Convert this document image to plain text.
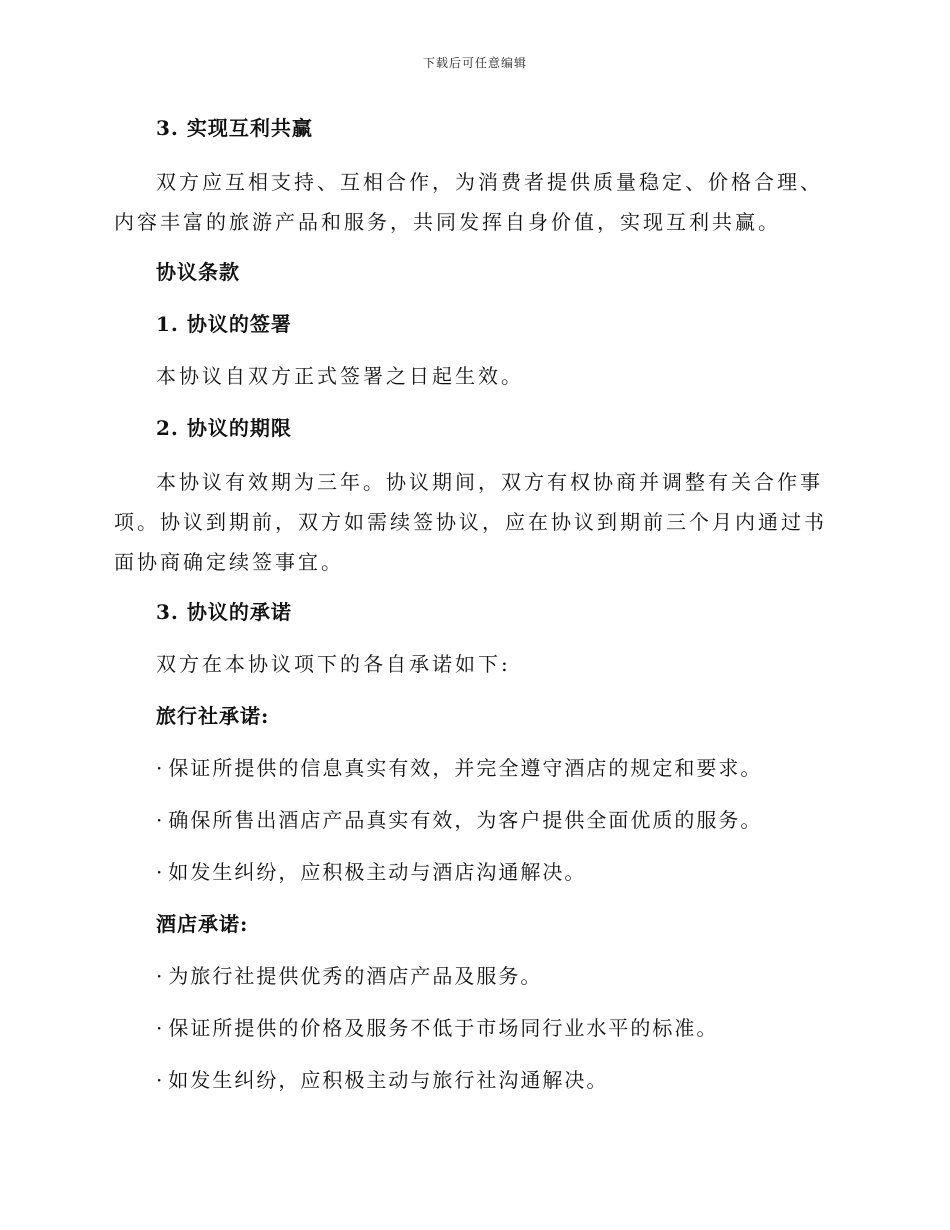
下载后可任意编辑
3. 实现互利共赢
双方应互相支持、互相合作，为消费者提供质量稳定、价格合理、内容丰富的旅游产品和服务，共同发挥自身价值，实现互利共赢。
协议条款
1. 协议的签署
本协议自双方正式签署之日起生效。
2. 协议的期限
本协议有效期为三年。协议期间，双方有权协商并调整有关合作事项。协议到期前，双方如需续签协议，应在协议到期前三个月内通过书面协商确定续签事宜。
3. 协议的承诺
双方在本协议项下的各自承诺如下:
旅行社承诺:
· 保证所提供的信息真实有效，并完全遵守酒店的规定和要求。
· 确保所售出酒店产品真实有效，为客户提供全面优质的服务。
· 如发生纠纷，应积极主动与酒店沟通解决。
酒店承诺:
· 为旅行社提供优秀的酒店产品及服务。
· 保证所提供的价格及服务不低于市场同行业水平的标准。
· 如发生纠纷，应积极主动与旅行社沟通解决。
